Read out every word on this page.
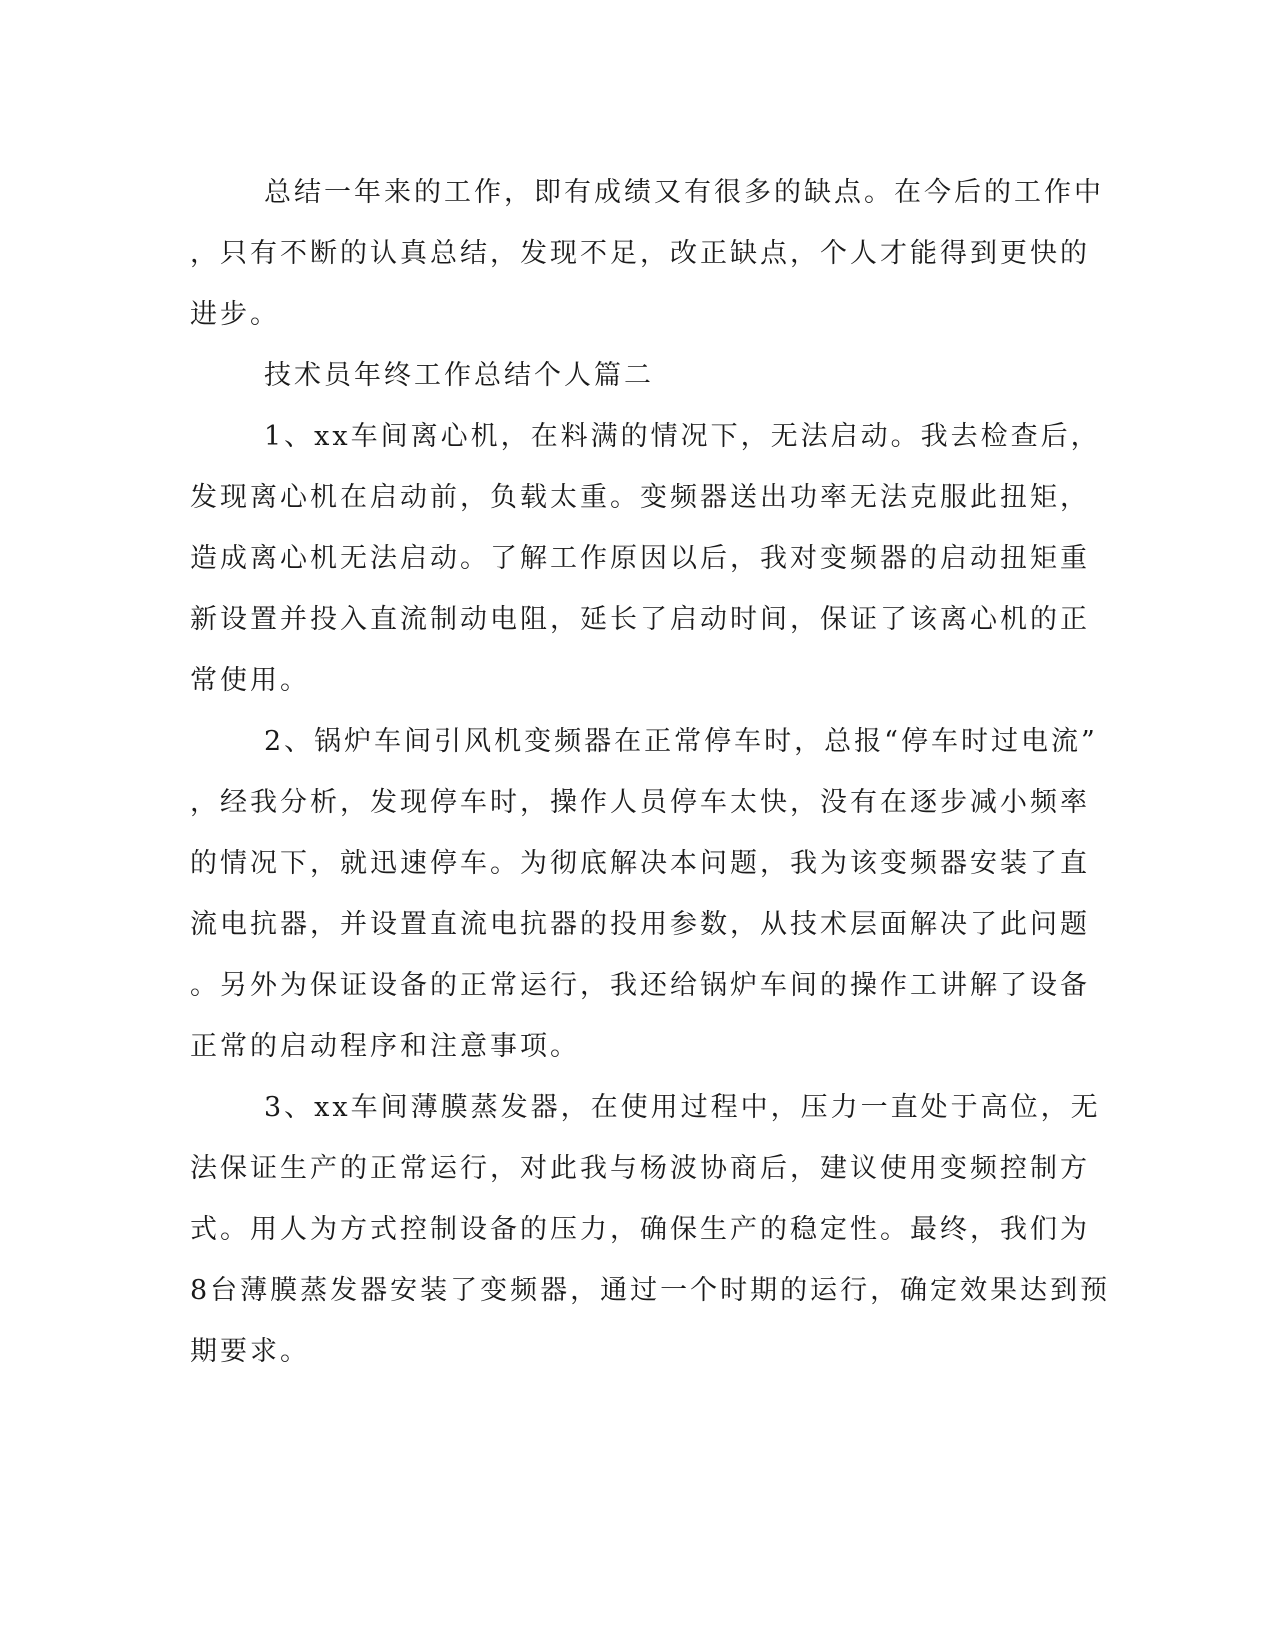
总结一年来的工作，即有成绩又有很多的缺点。在今后的工作中
，只有不断的认真总结，发现不足，改正缺点，个人才能得到更快的
进步。
技术员年终工作总结个人篇二
1、xx车间离心机，在料满的情况下，无法启动。我去检查后，
发现离心机在启动前，负载太重。变频器送出功率无法克服此扭矩，
造成离心机无法启动。了解工作原因以后，我对变频器的启动扭矩重
新设置并投入直流制动电阻，延长了启动时间，保证了该离心机的正
常使用。
2、锅炉车间引风机变频器在正常停车时，总报“停车时过电流”
，经我分析，发现停车时，操作人员停车太快，没有在逐步减小频率
的情况下，就迅速停车。为彻底解决本问题，我为该变频器安装了直
流电抗器，并设置直流电抗器的投用参数，从技术层面解决了此问题
。另外为保证设备的正常运行，我还给锅炉车间的操作工讲解了设备
正常的启动程序和注意事项。
3、xx车间薄膜蒸发器，在使用过程中，压力一直处于高位，无
法保证生产的正常运行，对此我与杨波协商后，建议使用变频控制方
式。用人为方式控制设备的压力，确保生产的稳定性。最终，我们为
8台薄膜蒸发器安装了变频器，通过一个时期的运行，确定效果达到预
期要求。
